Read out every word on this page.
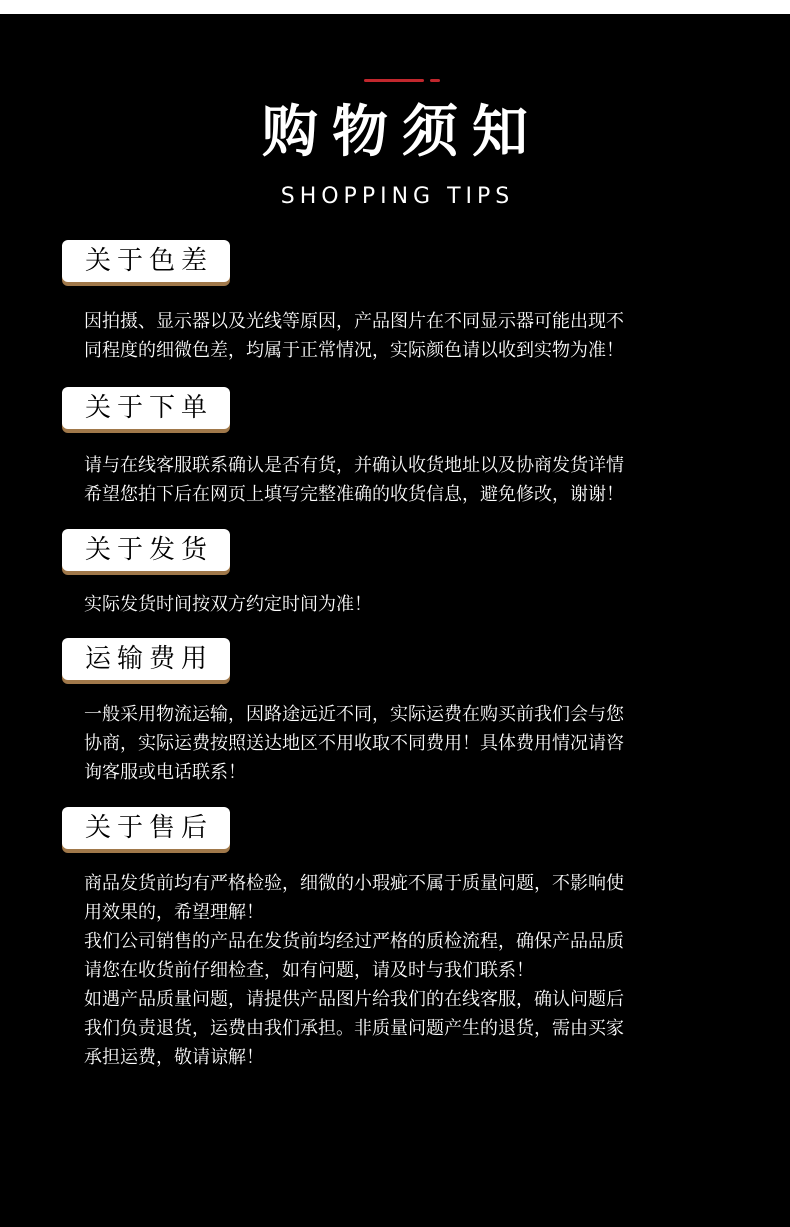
购物须知
SHOPPING TIPS
关于色差

因拍摄、显示器以及光线等原因，产品图片在不同显示器可能出现不
同程度的细微色差，均属于正常情况，实际颜色请以收到实物为准！

关于下单

请与在线客服联系确认是否有货，并确认收货地址以及协商发货详情
希望您拍下后在网页上填写完整准确的收货信息，避免修改，谢谢！

关于发货

实际发货时间按双方约定时间为准！

运输费用

一般采用物流运输，因路途远近不同，实际运费在购买前我们会与您
协商，实际运费按照送达地区不用收取不同费用！具体费用情况请咨
询客服或电话联系！

关于售后

商品发货前均有严格检验，细微的小瑕疵不属于质量问题，不影响使
用效果的，希望理解！

我们公司销售的产品在发货前均经过严格的质检流程，确保产品品质
请您在收货前仔细检查，如有问题，请及时与我们联系！

如遇产品质量问题，请提供产品图片给我们的在线客服，确认问题后
我们负责退货，运费由我们承担。非质量问题产生的退货，需由买家
承担运费，敬请谅解！
